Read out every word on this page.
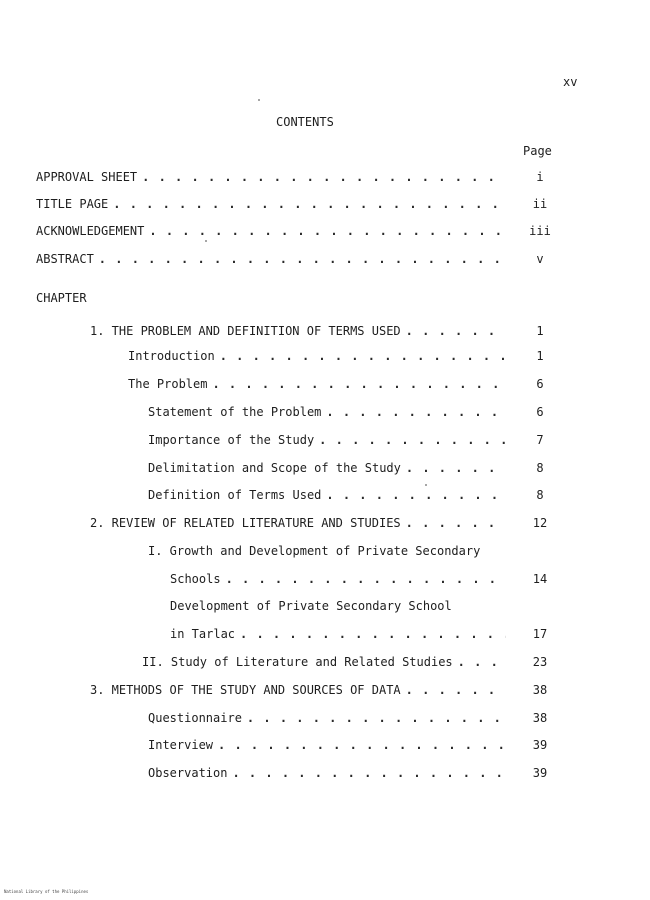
xv
CONTENTS
Page
APPROVAL SHEET . . .	i
TITLE PAGE . . .	ii
ACKNOWLEDGEMENT . . .	iii
ABSTRACT . . .	v
CHAPTER
1. THE PROBLEM AND DEFINITION OF TERMS USED . . .	1
Introduction . . .	1
The Problem . . .	6
Statement of the Problem . . .	6
Importance of the Study . . .	7
Delimitation and Scope of the Study . . .	8
Definition of Terms Used . . .	8
2. REVIEW OF RELATED LITERATURE AND STUDIES . . .	12
I. Growth and Development of Private Secondary
Schools . . .	14
Development of Private Secondary School
in Tarlac . . .	17
II. Study of Literature and Related Studies . . .	23
3. METHODS OF THE STUDY AND SOURCES OF DATA . . .	38
Questionnaire . . .	38
Interview . . .	39
Observation . . .	39
National Library of the Philippines
